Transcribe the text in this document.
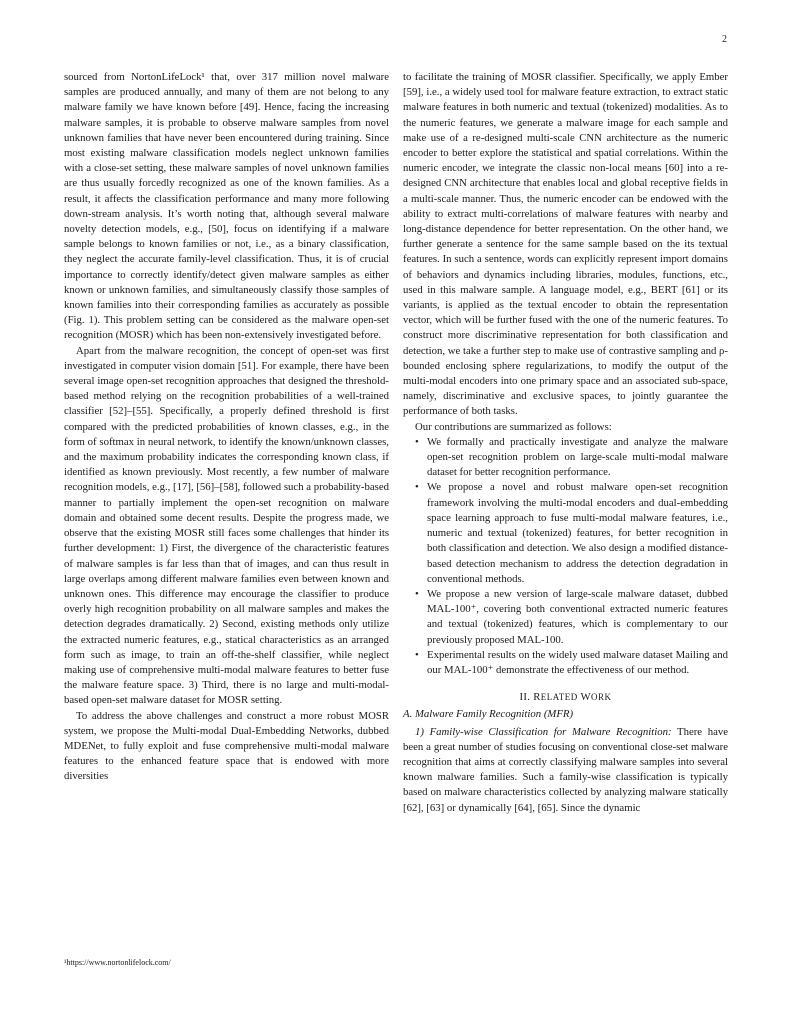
2

sourced from NortonLifeLock¹ that, over 317 million novel malware samples are produced annually, and many of them are not belong to any malware family we have known before [49]. Hence, facing the increasing malware samples, it is probable to observe malware samples from novel unknown families that have never been encountered during training. Since most existing malware classification models neglect unknown families with a close-set setting, these malware samples of novel unknown families are thus usually forcedly recognized as one of the known families. As a result, it affects the classification performance and many more following down-stream analysis. It’s worth noting that, although several malware novelty detection models, e.g., [50], focus on identifying if a malware sample belongs to known families or not, i.e., as a binary classification, they neglect the accurate family-level classification. Thus, it is of crucial importance to correctly identify/detect given malware samples as either known or unknown families, and simultaneously classify those samples of known families into their corresponding families as accurately as possible (Fig. 1). This problem setting can be considered as the malware open-set recognition (MOSR) which has been non-extensively investigated before.

Apart from the malware recognition, the concept of open-set was first investigated in computer vision domain [51]. For example, there have been several image open-set recognition approaches that designed the threshold-based method relying on the recognition probabilities of a well-trained classifier [52]–[55]. Specifically, a properly defined threshold is first compared with the predicted probabilities of known classes, e.g., in the form of softmax in neural network, to identify the known/unknown classes, and the maximum probability indicates the corresponding known class, if identified as known previously. Most recently, a few number of malware recognition models, e.g., [17], [56]–[58], followed such a probability-based manner to partially implement the open-set recognition on malware domain and obtained some decent results. Despite the progress made, we observe that the existing MOSR still faces some challenges that hinder its further development: 1) First, the divergence of the characteristic features of malware samples is far less than that of images, and can thus result in large overlaps among different malware families even between known and unknown ones. This difference may encourage the classifier to produce overly high recognition probability on all malware samples and makes the detection degrades dramatically. 2) Second, existing methods only utilize the extracted numeric features, e.g., statical characteristics as an arranged form such as image, to train an off-the-shelf classifier, while neglect making use of comprehensive multi-modal malware features to better fuse the malware feature space. 3) Third, there is no large and multi-modal-based open-set malware dataset for MOSR setting.

To address the above challenges and construct a more robust MOSR system, we propose the Multi-modal Dual-Embedding Networks, dubbed MDENet, to fully exploit and fuse comprehensive multi-modal malware features to the enhanced feature space that is endowed with more diversities

¹https://www.nortonlifelock.com/

to facilitate the training of MOSR classifier. Specifically, we apply Ember [59], i.e., a widely used tool for malware feature extraction, to extract static malware features in both numeric and textual (tokenized) modalities. As to the numeric features, we generate a malware image for each sample and make use of a re-designed multi-scale CNN architecture as the numeric encoder to better explore the statistical and spatial correlations. Within the numeric encoder, we integrate the classic non-local means [60] into a re-designed CNN architecture that enables local and global receptive fields in a multi-scale manner. Thus, the numeric encoder can be endowed with the ability to extract multi-correlations of malware features with nearby and long-distance dependence for better representation. On the other hand, we further generate a sentence for the same sample based on the its textual features. In such a sentence, words can explicitly represent import domains of behaviors and dynamics including libraries, modules, functions, etc., used in this malware sample. A language model, e.g., BERT [61] or its variants, is applied as the textual encoder to obtain the representation vector, which will be further fused with the one of the numeric features. To construct more discriminative representation for both classification and detection, we take a further step to make use of contrastive sampling and ρ-bounded enclosing sphere regularizations, to modify the output of the multi-modal encoders into one primary space and an associated sub-space, namely, discriminative and exclusive spaces, to jointly guarantee the performance of both tasks.

Our contributions are summarized as follows:

• We formally and practically investigate and analyze the malware open-set recognition problem on large-scale multi-modal malware dataset for better recognition performance.
• We propose a novel and robust malware open-set recognition framework involving the multi-modal encoders and dual-embedding space learning approach to fuse multi-modal malware features, i.e., numeric and textual (tokenized) features, for better recognition in both classification and detection. We also design a modified distance-based detection mechanism to address the detection degradation in conventional methods.
• We propose a new version of large-scale malware dataset, dubbed MAL-100⁺, covering both conventional extracted numeric features and textual (tokenized) features, which is complementary to our previously proposed MAL-100.
• Experimental results on the widely used malware dataset Mailing and our MAL-100⁺ demonstrate the effectiveness of our method.
II. RELATED WORK
A. Malware Family Recognition (MFR)

1) Family-wise Classification for Malware Recognition: There have been a great number of studies focusing on conventional close-set malware recognition that aims at correctly classifying malware samples into several known malware families. Such a family-wise classification is typically based on malware characteristics collected by analyzing malware statically [62], [63] or dynamically [64], [65]. Since the dynamic
